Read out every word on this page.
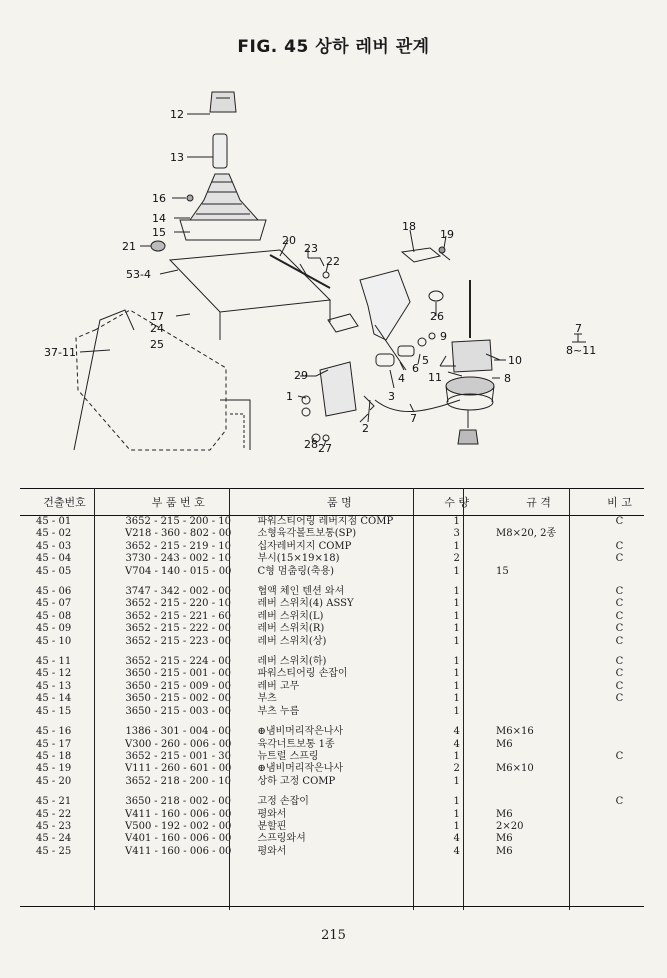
FIG. 45 상하 레버 관계
12
13
16
14
15
21	20
23
22
53-4
18
19
17
24
25
37-11
26
7
8~11
9
10
11	8
6
5
4
3
29
1
2
28 27
7
건출번호	부 품 번 호	품 명	수 량	규 격	비 고
45 - 01	3652 - 215 - 200 - 10	파워스티어링 레버지점 COMP	1		C
45 - 02	V218 - 360 - 802 - 00	소형육각볼트보통(SP)	3	M8×20, 2종	
45 - 03	3652 - 215 - 219 - 10	십자레버지지 COMP	1		C
45 - 04	3730 - 243 - 002 - 10	부시(15×19×18)	2		C
45 - 05	V704 - 140 - 015 - 00	C형 멈춤링(축용)	1	15	

45 - 06	3747 - 342 - 002 - 00	협액 체인 텐션 와셔	1		C
45 - 07	3652 - 215 - 220 - 10	레버 스위치(4) ASSY	1		C
45 - 08	3652 - 215 - 221 - 60	레버 스위치(L)	1		C
45 - 09	3652 - 215 - 222 - 00	레버 스위치(R)	1		C
45 - 10	3652 - 215 - 223 - 00	레버 스위치(상)	1		C

45 - 11	3652 - 215 - 224 - 00	레버 스위치(하)	1		C
45 - 12	3650 - 215 - 001 - 00	파워스티어링 손잡이	1		C
45 - 13	3650 - 215 - 009 - 00	레버 고무	1		C
45 - 14	3650 - 215 - 002 - 00	부츠	1		C
45 - 15	3650 - 215 - 003 - 00	부츠 누름	1		

45 - 16	1386 - 301 - 004 - 00	⊕냄비머리작은나사	4	M6×16	
45 - 17	V300 - 260 - 006 - 00	육각너트보통 1종	4	M6	
45 - 18	3652 - 215 - 001 - 30	뉴트럴 스프링	1		C
45 - 19	V111 - 260 - 601 - 00	⊕냄비머리작은나사	2	M6×10	
45 - 20	3652 - 218 - 200 - 10	상하 고정 COMP	1		

45 - 21	3650 - 218 - 002 - 00	고정 손잡이	1		C
45 - 22	V411 - 160 - 006 - 00	평와서	1	M6	
45 - 23	V500 - 192 - 002 - 00	분할핀	1	2×20	
45 - 24	V401 - 160 - 006 - 00	스프링와셔	4	M6	
45 - 25	V411 - 160 - 006 - 00	평와서	4	M6	
215
